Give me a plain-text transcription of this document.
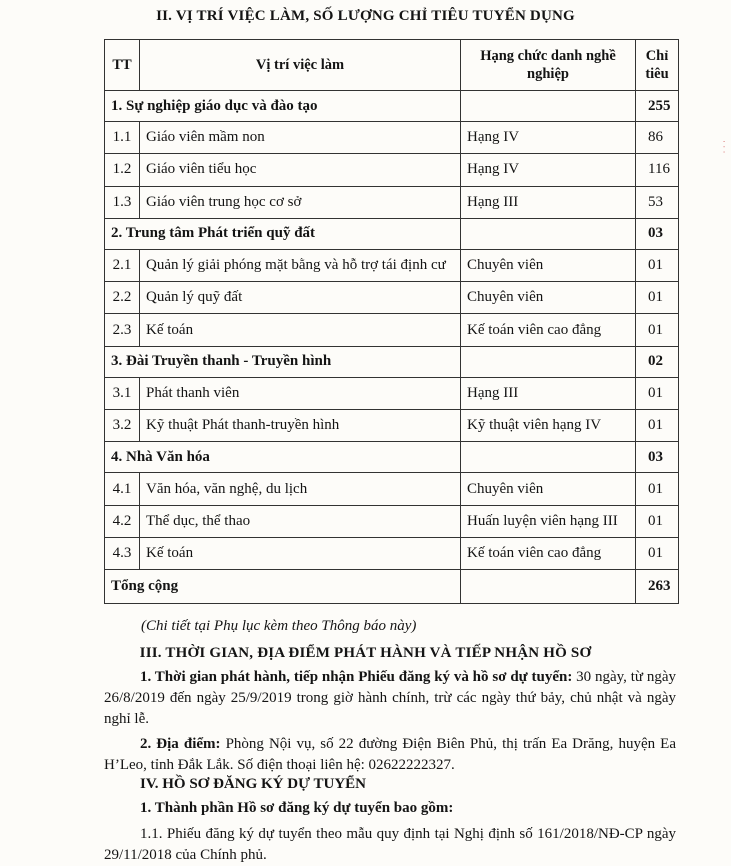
II. VỊ TRÍ VIỆC LÀM, SỐ LƯỢNG CHỈ TIÊU TUYỂN DỤNG
TT	Vị trí việc làm	Hạng chức danh nghề nghiệp	Chỉ tiêu
1. Sự nghiệp giáo dục và đào tạo			255
1.1	Giáo viên mầm non	Hạng IV	86
1.2	Giáo viên tiểu học	Hạng IV	116
1.3	Giáo viên trung học cơ sở	Hạng III	53
2. Trung tâm Phát triển quỹ đất			03
2.1	Quản lý giải phóng mặt bằng và hỗ trợ tái định cư	Chuyên viên	01
2.2	Quản lý quỹ đất	Chuyên viên	01
2.3	Kế toán	Kế toán viên cao đẳng	01
3. Đài Truyền thanh - Truyền hình			02
3.1	Phát thanh viên	Hạng III	01
3.2	Kỹ thuật Phát thanh-truyền hình	Kỹ thuật viên hạng IV	01
4. Nhà Văn hóa			03
4.1	Văn hóa, văn nghệ, du lịch	Chuyên viên	01
4.2	Thể dục, thể thao	Huấn luyện viên hạng III	01
4.3	Kế toán	Kế toán viên cao đẳng	01
Tổng cộng			263
(Chi tiết tại Phụ lục kèm theo Thông báo này)
III. THỜI GIAN, ĐỊA ĐIỂM PHÁT HÀNH VÀ TIẾP NHẬN HỒ SƠ
1. Thời gian phát hành, tiếp nhận Phiếu đăng ký và hồ sơ dự tuyển: 30 ngày, từ ngày 26/8/2019 đến ngày 25/9/2019 trong giờ hành chính, trừ các ngày thứ bảy, chủ nhật và ngày nghỉ lễ.
2. Địa điểm: Phòng Nội vụ, số 22 đường Điện Biên Phủ, thị trấn Ea Drăng, huyện Ea H’Leo, tỉnh Đắk Lắk. Số điện thoại liên hệ: 02622222327.
IV. HỒ SƠ ĐĂNG KÝ DỰ TUYỂN
1. Thành phần Hồ sơ đăng ký dự tuyển bao gồm:
1.1. Phiếu đăng ký dự tuyển theo mẫu quy định tại Nghị định số 161/2018/NĐ-CP ngày 29/11/2018 của Chính phủ.
· · ·
